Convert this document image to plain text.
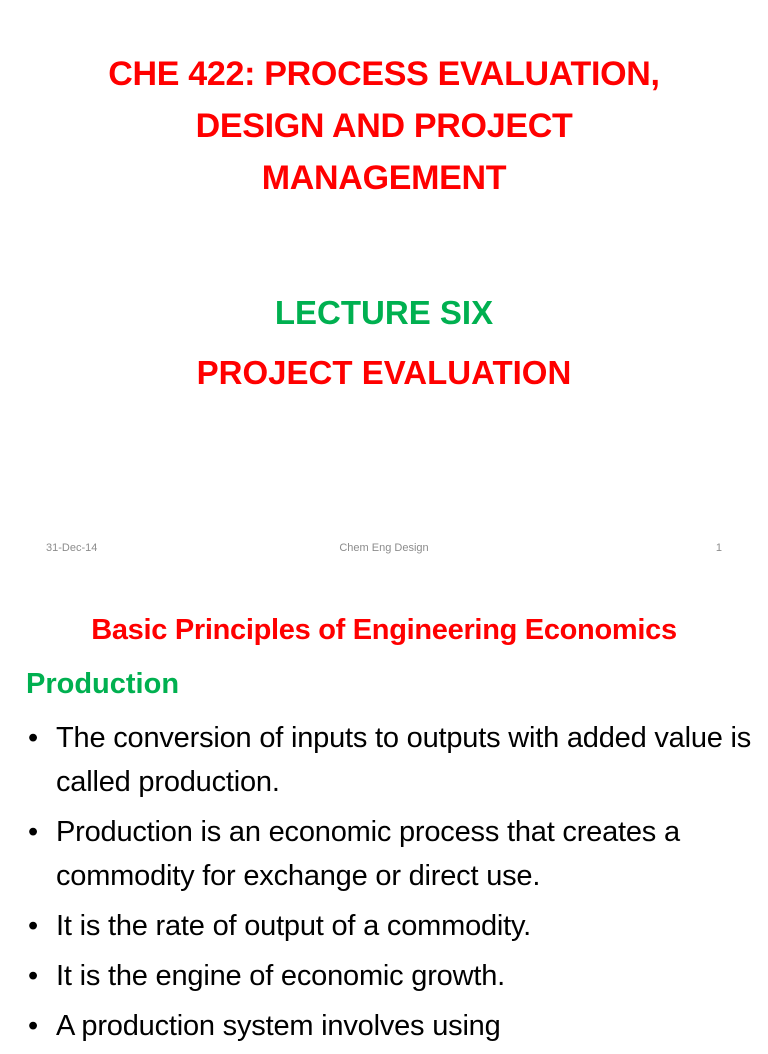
CHE 422: PROCESS EVALUATION,
DESIGN AND PROJECT
MANAGEMENT
LECTURE SIX
PROJECT EVALUATION
31-Dec-14	Chem Eng Design	1
Basic Principles of Engineering Economics
Production
• The conversion of inputs to outputs with added value is called production.
• Production is an economic process that creates a commodity for exchange or direct use.
• It is the rate of output of a commodity.
• It is the engine of economic growth.
• A production system involves using
